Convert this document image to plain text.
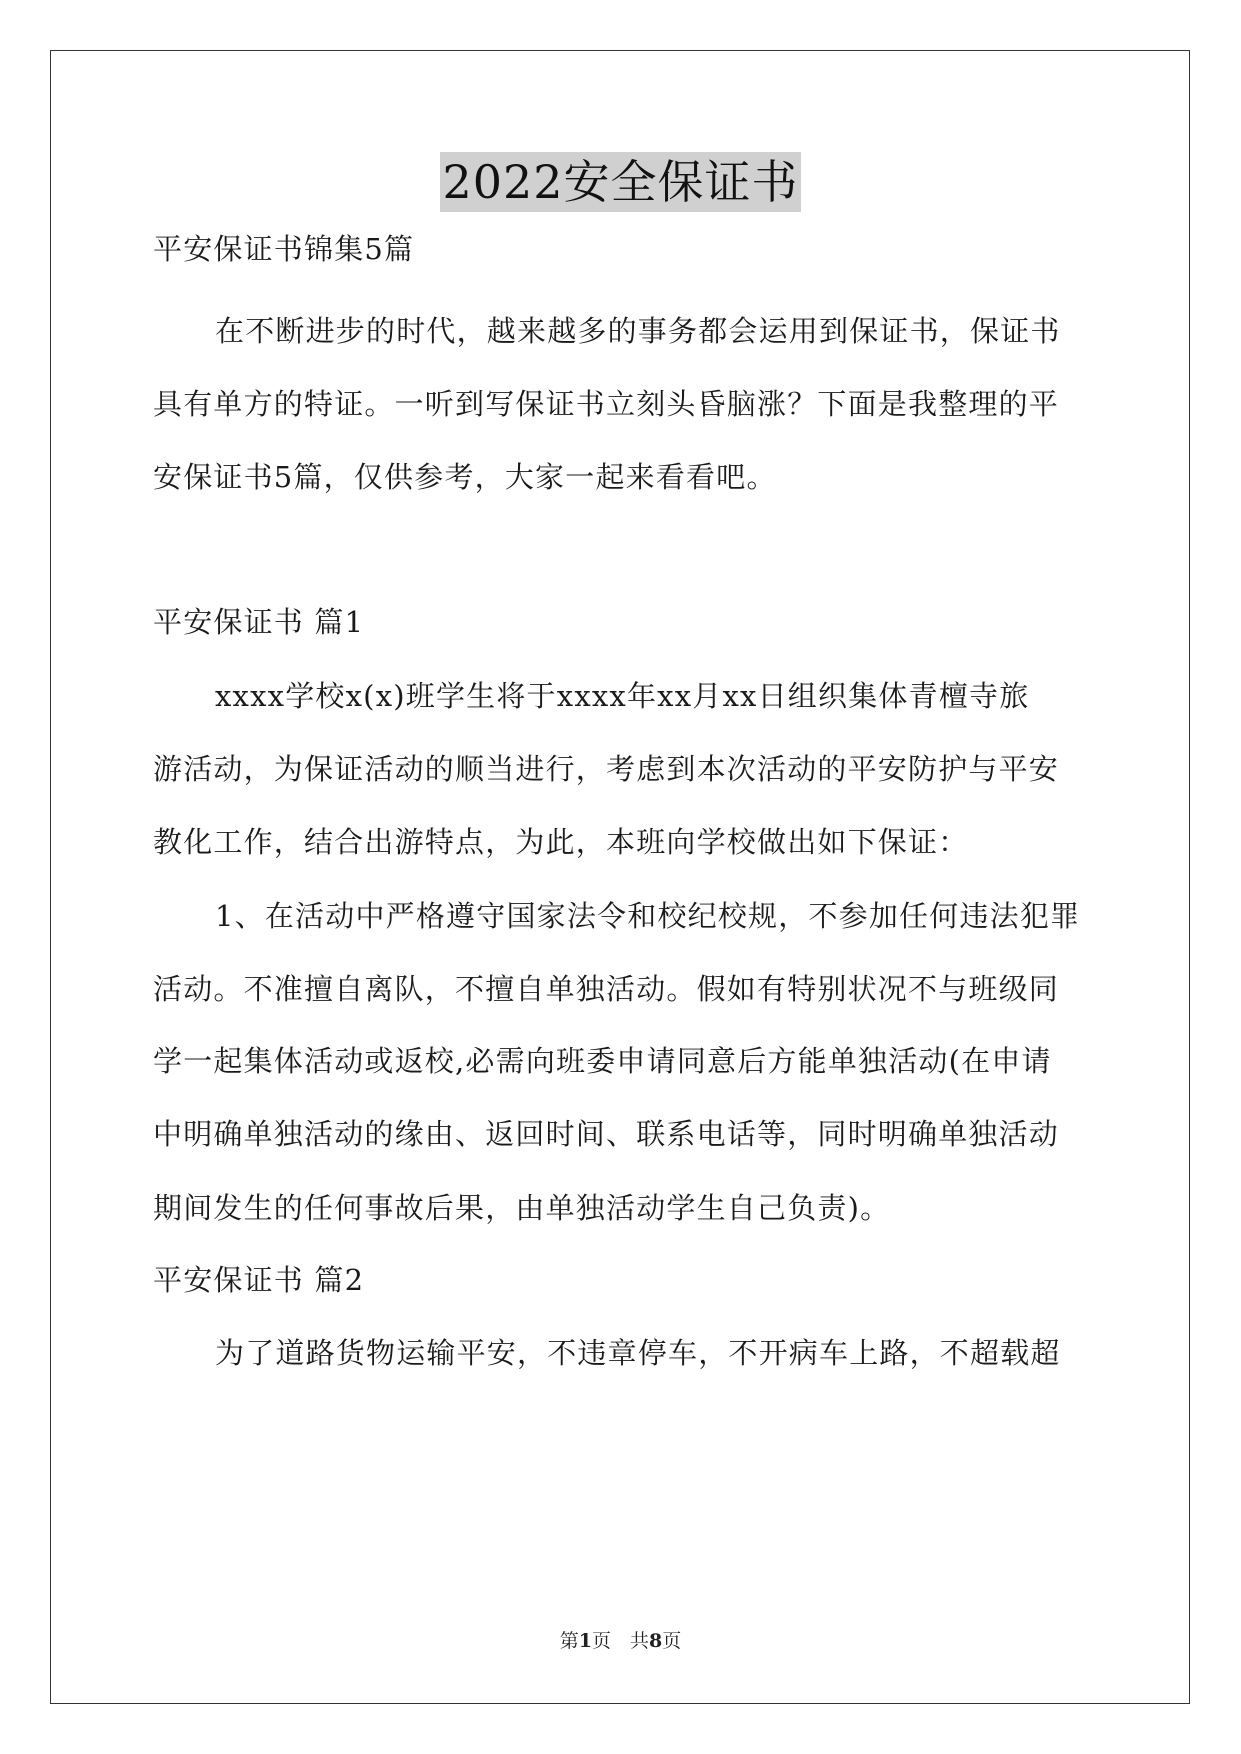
2022安全保证书
平安保证书锦集5篇
在不断进步的时代，越来越多的事务都会运用到保证书，保证书
具有单方的特证。一听到写保证书立刻头昏脑涨？下面是我整理的平
安保证书5篇，仅供参考，大家一起来看看吧。
平安保证书 篇1
xxxx学校x(x)班学生将于xxxx年xx月xx日组织集体青檀寺旅
游活动，为保证活动的顺当进行，考虑到本次活动的平安防护与平安
教化工作，结合出游特点，为此，本班向学校做出如下保证：
1、在活动中严格遵守国家法令和校纪校规，不参加任何违法犯罪
活动。不准擅自离队，不擅自单独活动。假如有特别状况不与班级同
学一起集体活动或返校,必需向班委申请同意后方能单独活动(在申请
中明确单独活动的缘由、返回时间、联系电话等，同时明确单独活动
期间发生的任何事故后果，由单独活动学生自己负责)。
平安保证书 篇2
为了道路货物运输平安，不违章停车，不开病车上路，不超载超
第1页　共8页
